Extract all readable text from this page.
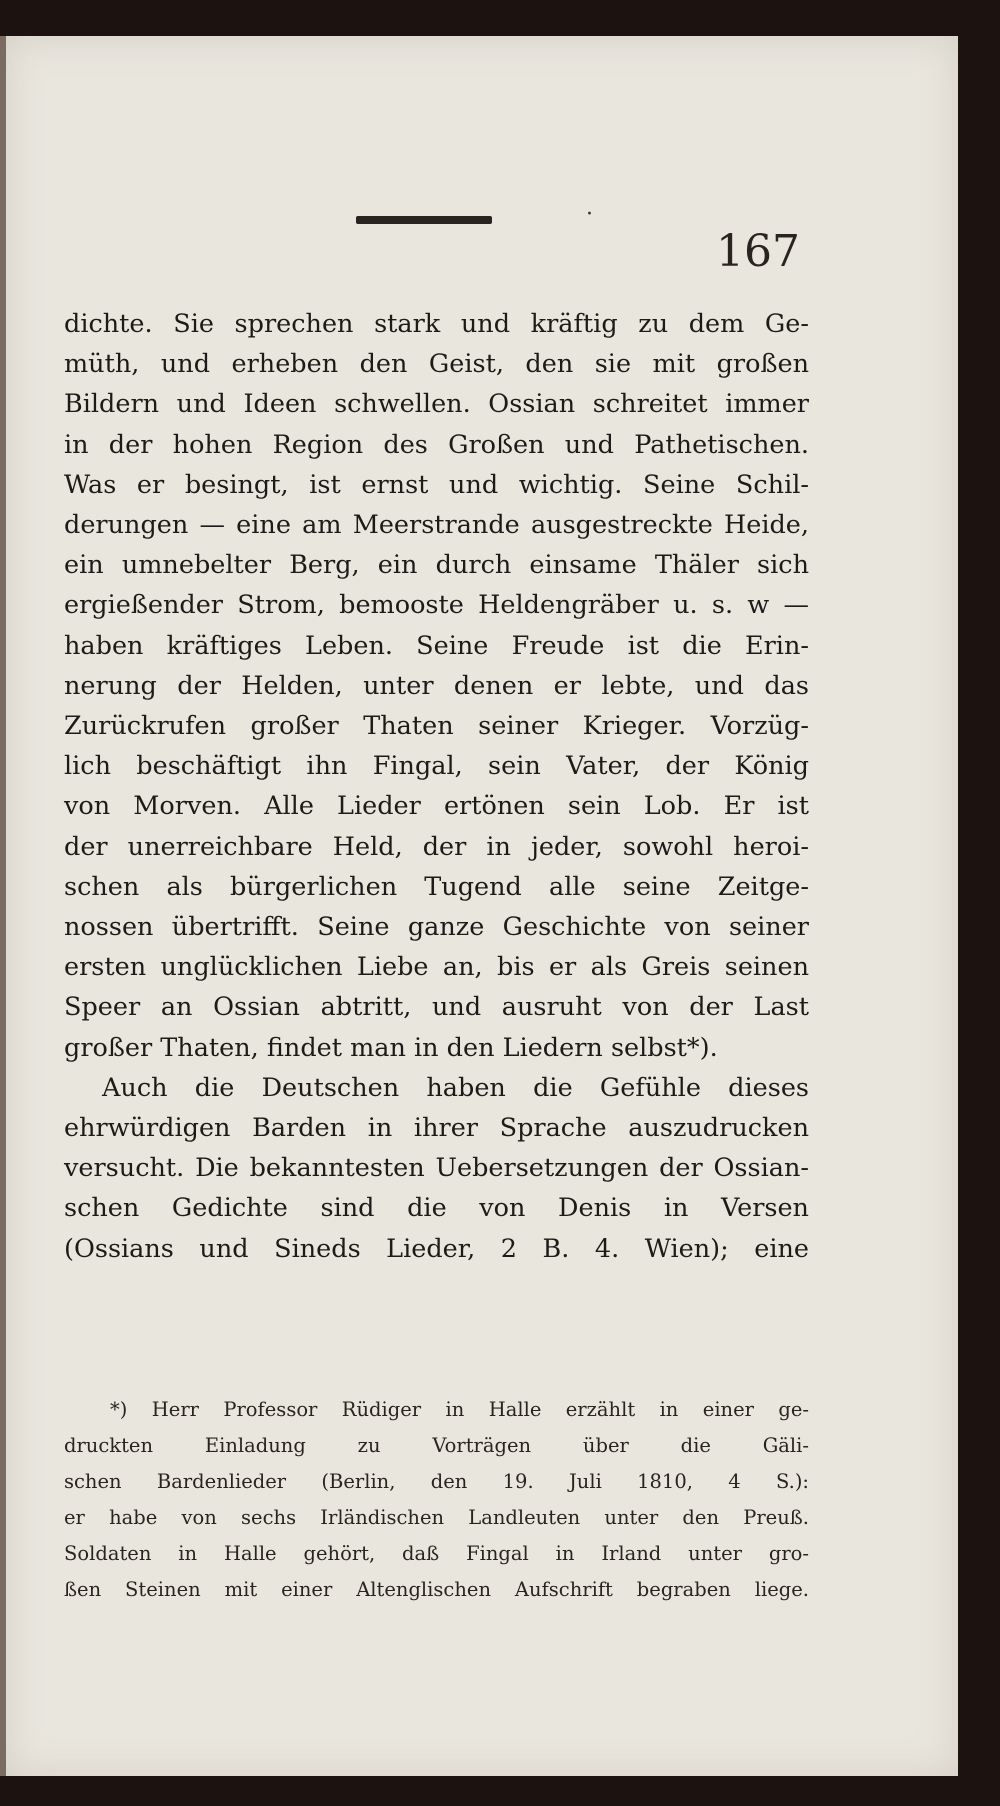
·
167
dichte. Sie sprechen stark und kräftig zu dem Ge-
müth, und erheben den Geist, den sie mit großen
Bildern und Ideen schwellen. Ossian schreitet immer
in der hohen Region des Großen und Pathetischen.
Was er besingt, ist ernst und wichtig. Seine Schil-
derungen — eine am Meerstrande ausgestreckte Heide,
ein umnebelter Berg, ein durch einsame Thäler sich
ergießender Strom, bemooste Heldengräber u. s. w —
haben kräftiges Leben. Seine Freude ist die Erin-
nerung der Helden, unter denen er lebte, und das
Zurückrufen großer Thaten seiner Krieger. Vorzüg-
lich beschäftigt ihn Fingal, sein Vater, der König
von Morven. Alle Lieder ertönen sein Lob. Er ist
der unerreichbare Held, der in jeder, sowohl heroi-
schen als bürgerlichen Tugend alle seine Zeitge-
nossen übertrifft. Seine ganze Geschichte von seiner
ersten unglücklichen Liebe an, bis er als Greis seinen
Speer an Ossian abtritt, und ausruht von der Last
großer Thaten, findet man in den Liedern selbst*).
Auch die Deutschen haben die Gefühle dieses
ehrwürdigen Barden in ihrer Sprache auszudrucken
versucht. Die bekanntesten Uebersetzungen der Ossian-
schen Gedichte sind die von Denis in Versen
(Ossians und Sineds Lieder, 2 B. 4. Wien); eine
*) Herr Professor Rüdiger in Halle erzählt in einer ge-
druckten Einladung zu Vorträgen über die Gäli-
schen Bardenlieder (Berlin, den 19. Juli 1810, 4 S.):
er habe von sechs Irländischen Landleuten unter den Preuß.
Soldaten in Halle gehört, daß Fingal in Irland unter gro-
ßen Steinen mit einer Altenglischen Aufschrift begraben liege.
